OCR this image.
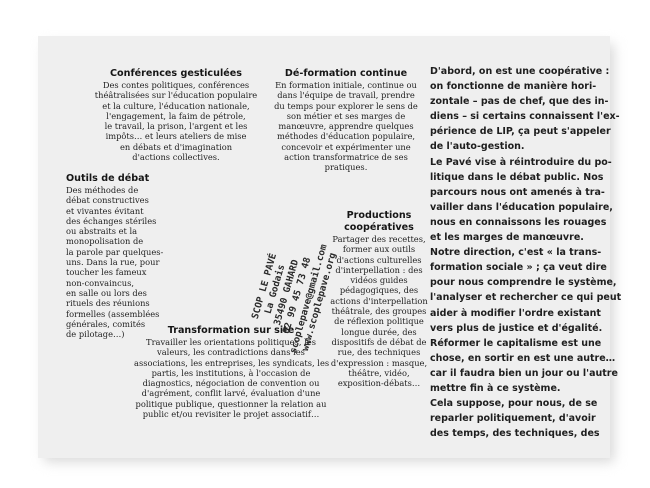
Conférences gesticulées
Des contes politiques, conférences
théâtralisées sur l'éducation populaire
et la culture, l'éducation nationale,
l'engagement, la faim de pétrole,
le travail, la prison, l'argent et les
impôts… et leurs ateliers de mise
en débats et d'imagination
d'actions collectives.
Dé-formation continue
En formation initiale, continue ou
dans l'équipe de travail, prendre
du temps pour explorer le sens de
son métier et ses marges de
manœuvre, apprendre quelques
méthodes d'éducation populaire,
concevoir et expérimenter une
action transformatrice de ses
pratiques.
Outils de débat
Des méthodes de
débat constructives
et vivantes évitant
des échanges stériles
ou abstraits et la
monopolisation de
la parole par quelques-
uns. Dans la rue, pour
toucher les fameux
non-convaincus,
en salle ou lors des
rituels des réunions
formelles (assemblées
générales, comités
de pilotage…)
Productions
coopératives
Partager des recettes,
former aux outils
d'actions culturelles
d'interpellation : des
vidéos guides
pédagogiques, des
actions d'interpellation
théâtrale, des groupes
de réflexion politique
longue durée, des
dispositifs de débat de
rue, des techniques
d'expression : masque,
théâtre, vidéo,
exposition-débats…
Transformation sur site
Travailler les orientations politiques, les
valeurs, les contradictions dans les
associations, les entreprises, les syndicats, les
partis, les institutions, à l'occasion de
diagnostics, négociation de convention ou
d'agrément, conflit larvé, évaluation d'une
politique publique, questionner la relation au
public et/ou revisiter le projet associatif…
SCOP LE PAVÉ
La Godais
35490 GAHARD
02 99 45 73 48
scoplepave@gmail.com
www.scoplepave.org
D'abord, on est une coopérative :
on fonctionne de manière hori-
zontale – pas de chef, que des in-
diens – si certains connaissent l'ex-
périence de LIP, ça peut s'appeler
de l'auto-gestion.
Le Pavé vise à réintroduire du po-
litique dans le débat public. Nos
parcours nous ont amenés à tra-
vailler dans l'éducation populaire,
nous en connaissons les rouages
et les marges de manœuvre.
Notre direction, c'est « la trans-
formation sociale » ; ça veut dire
pour nous comprendre le système,
l'analyser et rechercher ce qui peut
aider à modifier l'ordre existant
vers plus de justice et d'égalité.
Réformer le capitalisme est une
chose, en sortir en est une autre…
car il faudra bien un jour ou l'autre
mettre fin à ce système.
Cela suppose, pour nous, de se
reparler politiquement, d'avoir
des temps, des techniques, des
